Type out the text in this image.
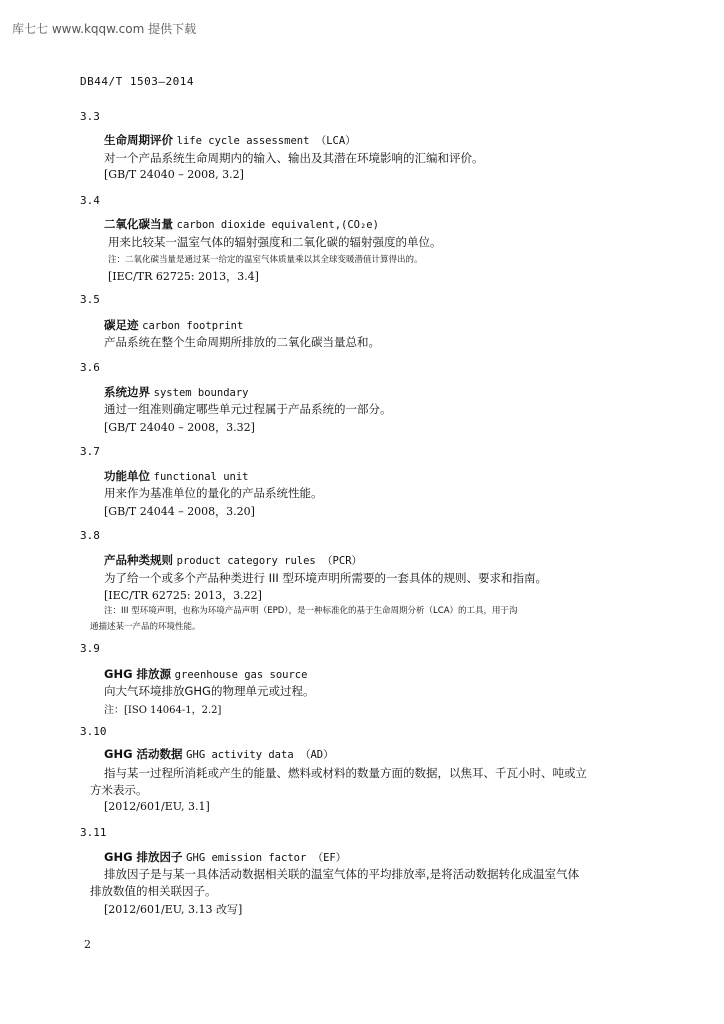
库七七 www.kqqw.com 提供下载
DB44/T 1503—2014
3.3
生命周期评价 life cycle assessment （LCA）
对一个产品系统生命周期内的输入、输出及其潜在环境影响的汇编和评价。
[GB/T 24040 – 2008, 3.2]
3.4
二氧化碳当量 carbon dioxide equivalent,(CO₂e)
用来比较某一温室气体的辐射强度和二氧化碳的辐射强度的单位。
注：二氧化碳当量是通过某一给定的温室气体质量乘以其全球变暖潜值计算得出的。
[IEC/TR 62725: 2013，3.4]
3.5
碳足迹 carbon footprint
产品系统在整个生命周期所排放的二氧化碳当量总和。
3.6
系统边界 system boundary
通过一组准则确定哪些单元过程属于产品系统的一部分。
[GB/T 24040 – 2008，3.32]
3.7
功能单位 functional unit
用来作为基准单位的量化的产品系统性能。
[GB/T 24044 – 2008，3.20]
3.8
产品种类规则 product category rules （PCR）
为了给一个或多个产品种类进行 III 型环境声明所需要的一套具体的规则、要求和指南。
[IEC/TR 62725: 2013，3.22]
注：III 型环境声明，也称为环境产品声明（EPD），是一种标准化的基于生命周期分析（LCA）的工具，用于沟
通描述某一产品的环境性能。
3.9
GHG 排放源 greenhouse gas source
向大气环境排放GHG的物理单元或过程。
注：[ISO 14064-1，2.2]
3.10
GHG 活动数据 GHG activity data （AD）
指与某一过程所消耗或产生的能量、燃料或材料的数量方面的数据，以焦耳、千瓦小时、吨或立
方米表示。
[2012/601/EU, 3.1]
3.11
GHG 排放因子 GHG emission factor （EF）
排放因子是与某一具体活动数据相关联的温室气体的平均排放率,是将活动数据转化成温室气体
排放数值的相关联因子。
[2012/601/EU, 3.13 改写]
2
